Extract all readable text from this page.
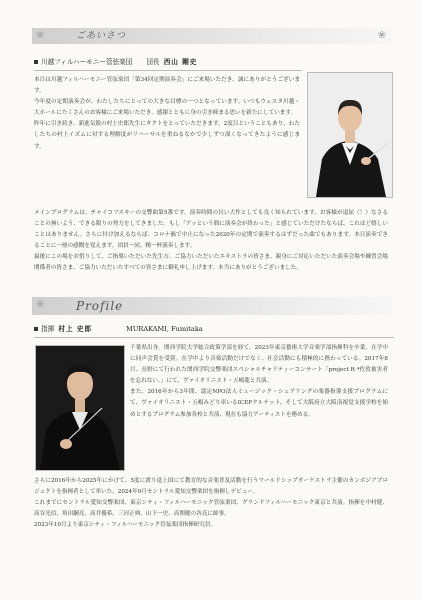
❀	ごあいさつ	❀
川越フィルハーモニー管弦楽団 団長 西山 剛史
本日は川越フィルハーモニー管弦楽団「第34回定期演奏会」にご来場いただき、誠にありがとうございます。
今年度の定期演奏会が、わたしたちにとっての大きな目標の一つとなっています。いつもウェスタ川越・大ホールにたくさんのお客様にご来場いただき、感謝とともに身の引き締まる思いを新たにしています。
昨年に引き続き、新進気鋭の村上史郎先生にタクトをとっていただきます。2度目ということもあり、わたしたちの村上イズムに対する理解度がリハーサルを重ねるなかで少しずつ深くなってきたように感じます。
メインプログラムは、チャイコフスキーの交響曲第5番です。演奏時間の長い大作としても良く知られています。お客様が退屈（！）なさることの無いよう、できる限りの努力をしてきました。もし「アッという間に演奏会が終わった」と感じていただけたならば、これほど嬉しいことはありません。さらに付け加えるならば、コロナ禍で中止になった2020年の定期で演奏するはずだった曲でもあります。本日演奏できることに一層の感慨を覚えます。団員一同、精一杯演奏します。
最後にこの場をお借りして、ご指導いただいた先生方、ご協力いただいたエキストラの皆さま、親身にご対応いただいた演奏会場や練習会場関係者の皆さま、ご協力いただいたすべての皆さまに御礼申し上げます。本当にありがとうございました。
❀	Profile
指揮 村上 史郎	MURAKAMI, Fumitaka
千葉県出身。関西学院大学総合政策学部を経て、2023年東京藝術大学音楽学部指揮科を卒業。在学中に同声会賞を受賞。在学中より音楽活動だけでなく、社会活動にも積極的に携わっている。2017年8月、長野にて行われた関西学院交響楽団スペシャルチャリティーコンサート「project R *佐敦被害者を忘れない。」にて、ヴァイオリニスト・五嶋龍と共演。
また、2016年から3年間、認定NPO法人ミュージック・シェアリングの楽器指導支援プログラムにて、ヴァイオリニスト・五嶋みどり率いるICEPクルテット、そして大阪府立大阪南視覚支援学校を始めとするプログラム参加各校と共演、現在も協力アーティストを務める。
さらに2016年から2025年にかけて、5度に渡り途上国にて教育的な音楽普及活動を行うワールドシップオーケストラ主催のカンボジアプロジェクトを指揮者として率いた。2024年9月セントラル愛知交響楽団を指揮しデビュー。
これまでにセントラル愛知交響楽団、東京シティ・フィルハーモニック管弦楽団、グランドフィルハーモニック東京と共演。指揮を中村健、高谷光信、角田鋼亮、高井優希、三河正典、山下一史、高関健の各氏に師事。
2023年10月より東京シティ・フィルハーモニック管弦楽団指揮研究員。
